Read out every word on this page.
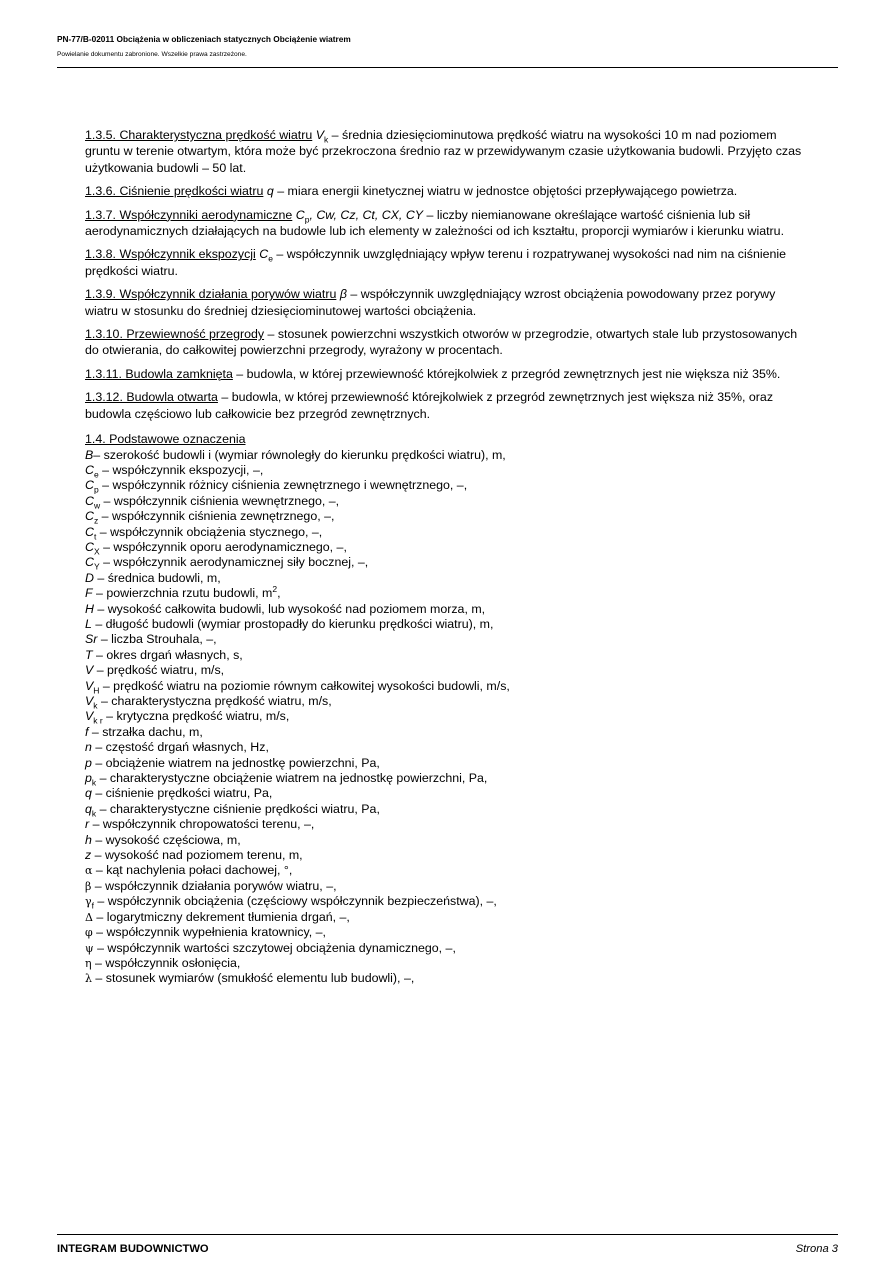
PN-77/B-02011 Obciążenia w obliczeniach statycznych Obciążenie wiatrem
Powielanie dokumentu zabronione. Wszelkie prawa zastrzeżone.

1.3.5. Charakterystyczna prędkość wiatru $V_k$ – średnia dziesięciominutowa prędkość wiatru na wysokości 10 m nad poziomem gruntu w terenie otwartym, która może być przekroczona średnio raz w przewidywanym czasie użytkowania budowli. Przyjęto czas użytkowania budowli – 50 lat.

1.3.6. Ciśnienie prędkości wiatru q – miara energii kinetycznej wiatru w jednostce objętości przepływającego powietrza.

1.3.7. Współczynniki aerodynamiczne $C_p$, Cw, Cz, Ct, CX, CY – liczby niemianowane określające wartość ciśnienia lub sił aerodynamicznych działających na budowle lub ich elementy w zależności od ich kształtu, proporcji wymiarów i kierunku wiatru.

1.3.8. Współczynnik ekspozycji $C_e$ – współczynnik uwzględniający wpływ terenu i rozpatrywanej wysokości nad nim na ciśnienie prędkości wiatru.

1.3.9. Współczynnik działania porywów wiatru β – współczynnik uwzględniający wzrost obciążenia powodowany przez porywy wiatru w stosunku do średniej dziesięciominutowej wartości obciążenia.

1.3.10. Przewiewność przegrody – stosunek powierzchni wszystkich otworów w przegrodzie, otwartych stale lub przystosowanych do otwierania, do całkowitej powierzchni przegrody, wyrażony w procentach.

1.3.11. Budowla zamknięta – budowla, w której przewiewność którejkolwiek z przegród zewnętrznych jest nie większa niż 35%.

1.3.12. Budowla otwarta – budowla, w której przewiewność którejkolwiek z przegród zewnętrznych jest większa niż 35%, oraz budowla częściowo lub całkowicie bez przegród zewnętrznych.

1.4. Podstawowe oznaczenia
B– szerokość budowli i (wymiar równoległy do kierunku prędkości wiatru), m,
$C_e$ – współczynnik ekspozycji, –,
$C_p$ – współczynnik różnicy ciśnienia zewnętrznego i wewnętrznego, –,
$C_w$ – współczynnik ciśnienia wewnętrznego, –,
$C_z$ – współczynnik ciśnienia zewnętrznego, –,
$C_t$ – współczynnik obciążenia stycznego, –,
$C_X$ – współczynnik oporu aerodynamicznego, –,
$C_Y$ – współczynnik aerodynamicznej siły bocznej, –,
D – średnica budowli, m,
F – powierzchnia rzutu budowli, $m^2$,
H – wysokość całkowita budowli, lub wysokość nad poziomem morza, m,
L – długość budowli (wymiar prostopadły do kierunku prędkości wiatru), m,
Sr – liczba Strouhala, –,
T – okres drgań własnych, s,
V – prędkość wiatru, m/s,
$V_H$ – prędkość wiatru na poziomie równym całkowitej wysokości budowli, m/s,
$V_k$ – charakterystyczna prędkość wiatru, m/s,
$V_{k r}$ – krytyczna prędkość wiatru, m/s,
f – strzałka dachu, m,
n – częstość drgań własnych, Hz,
p – obciążenie wiatrem na jednostkę powierzchni, Pa,
$p_k$ – charakterystyczne obciążenie wiatrem na jednostkę powierzchni, Pa,
q – ciśnienie prędkości wiatru, Pa,
$q_k$ – charakterystyczne ciśnienie prędkości wiatru, Pa,
r – współczynnik chropowatości terenu, –,
h – wysokość częściowa, m,
z – wysokość nad poziomem terenu, m,
α – kąt nachylenia połaci dachowej, °,
β – współczynnik działania porywów wiatru, –,
$\gamma_f$ – współczynnik obciążenia (częściowy współczynnik bezpieczeństwa), –,
Δ – logarytmiczny dekrement tłumienia drgań, –,
φ – współczynnik wypełnienia kratownicy, –,
ψ – współczynnik wartości szczytowej obciążenia dynamicznego, –,
η – współczynnik osłonięcia,
λ – stosunek wymiarów (smukłość elementu lub budowli), –,
INTEGRAM BUDOWNICTWO	Strona 3
